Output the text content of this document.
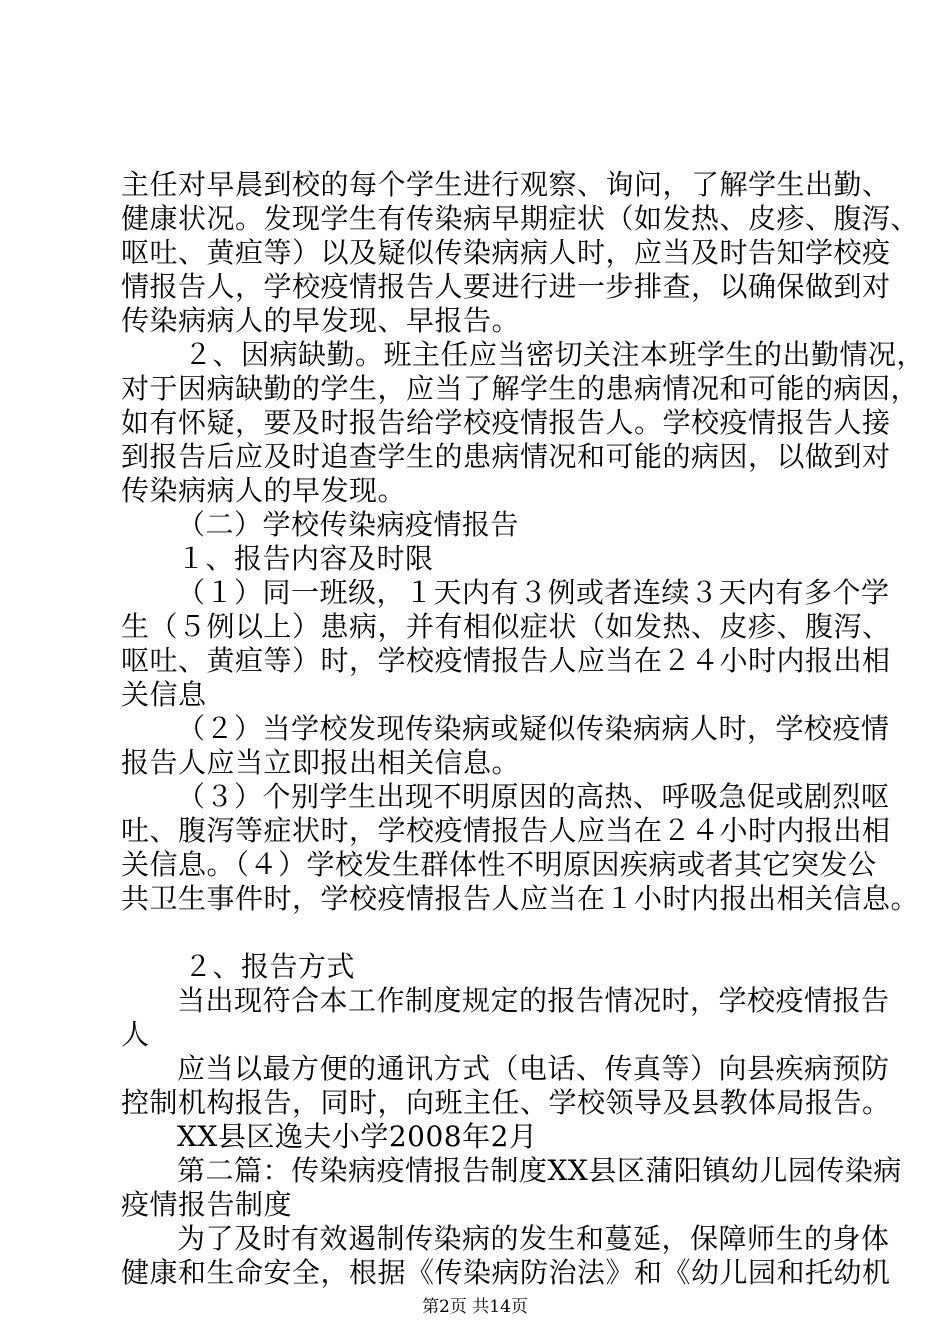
主任对早晨到校的每个学生进行观察、询问，了解学生出勤、
健康状况。发现学生有传染病早期症状（如发热、皮疹、腹泻、
呕吐、黄疸等）以及疑似传染病病人时，应当及时告知学校疫
情报告人，学校疫情报告人要进行进一步排查，以确保做到对
传染病病人的早发现、早报告。
２、因病缺勤。班主任应当密切关注本班学生的出勤情况，
对于因病缺勤的学生，应当了解学生的患病情况和可能的病因，
如有怀疑，要及时报告给学校疫情报告人。学校疫情报告人接
到报告后应及时追查学生的患病情况和可能的病因，以做到对
传染病病人的早发现。
（二）学校传染病疫情报告
１、报告内容及时限
（１）同一班级，１天内有３例或者连续３天内有多个学
生（５例以上）患病，并有相似症状（如发热、皮疹、腹泻、
呕吐、黄疸等）时，学校疫情报告人应当在２４小时内报出相
关信息
（２）当学校发现传染病或疑似传染病病人时，学校疫情
报告人应当立即报出相关信息。
（３）个别学生出现不明原因的高热、呼吸急促或剧烈呕
吐、腹泻等症状时，学校疫情报告人应当在２４小时内报出相
关信息。（４）学校发生群体性不明原因疾病或者其它突发公
共卫生事件时，学校疫情报告人应当在１小时内报出相关信息。
２、报告方式
当出现符合本工作制度规定的报告情况时，学校疫情报告
人
应当以最方便的通讯方式（电话、传真等）向县疾病预防
控制机构报告，同时，向班主任、学校领导及县教体局报告。
XX县区逸夫小学2008年2月
第二篇：传染病疫情报告制度XX县区蒲阳镇幼儿园传染病
疫情报告制度
为了及时有效遏制传染病的发生和蔓延，保障师生的身体
健康和生命安全，根据《传染病防治法》和《幼儿园和托幼机
第2页 共14页
